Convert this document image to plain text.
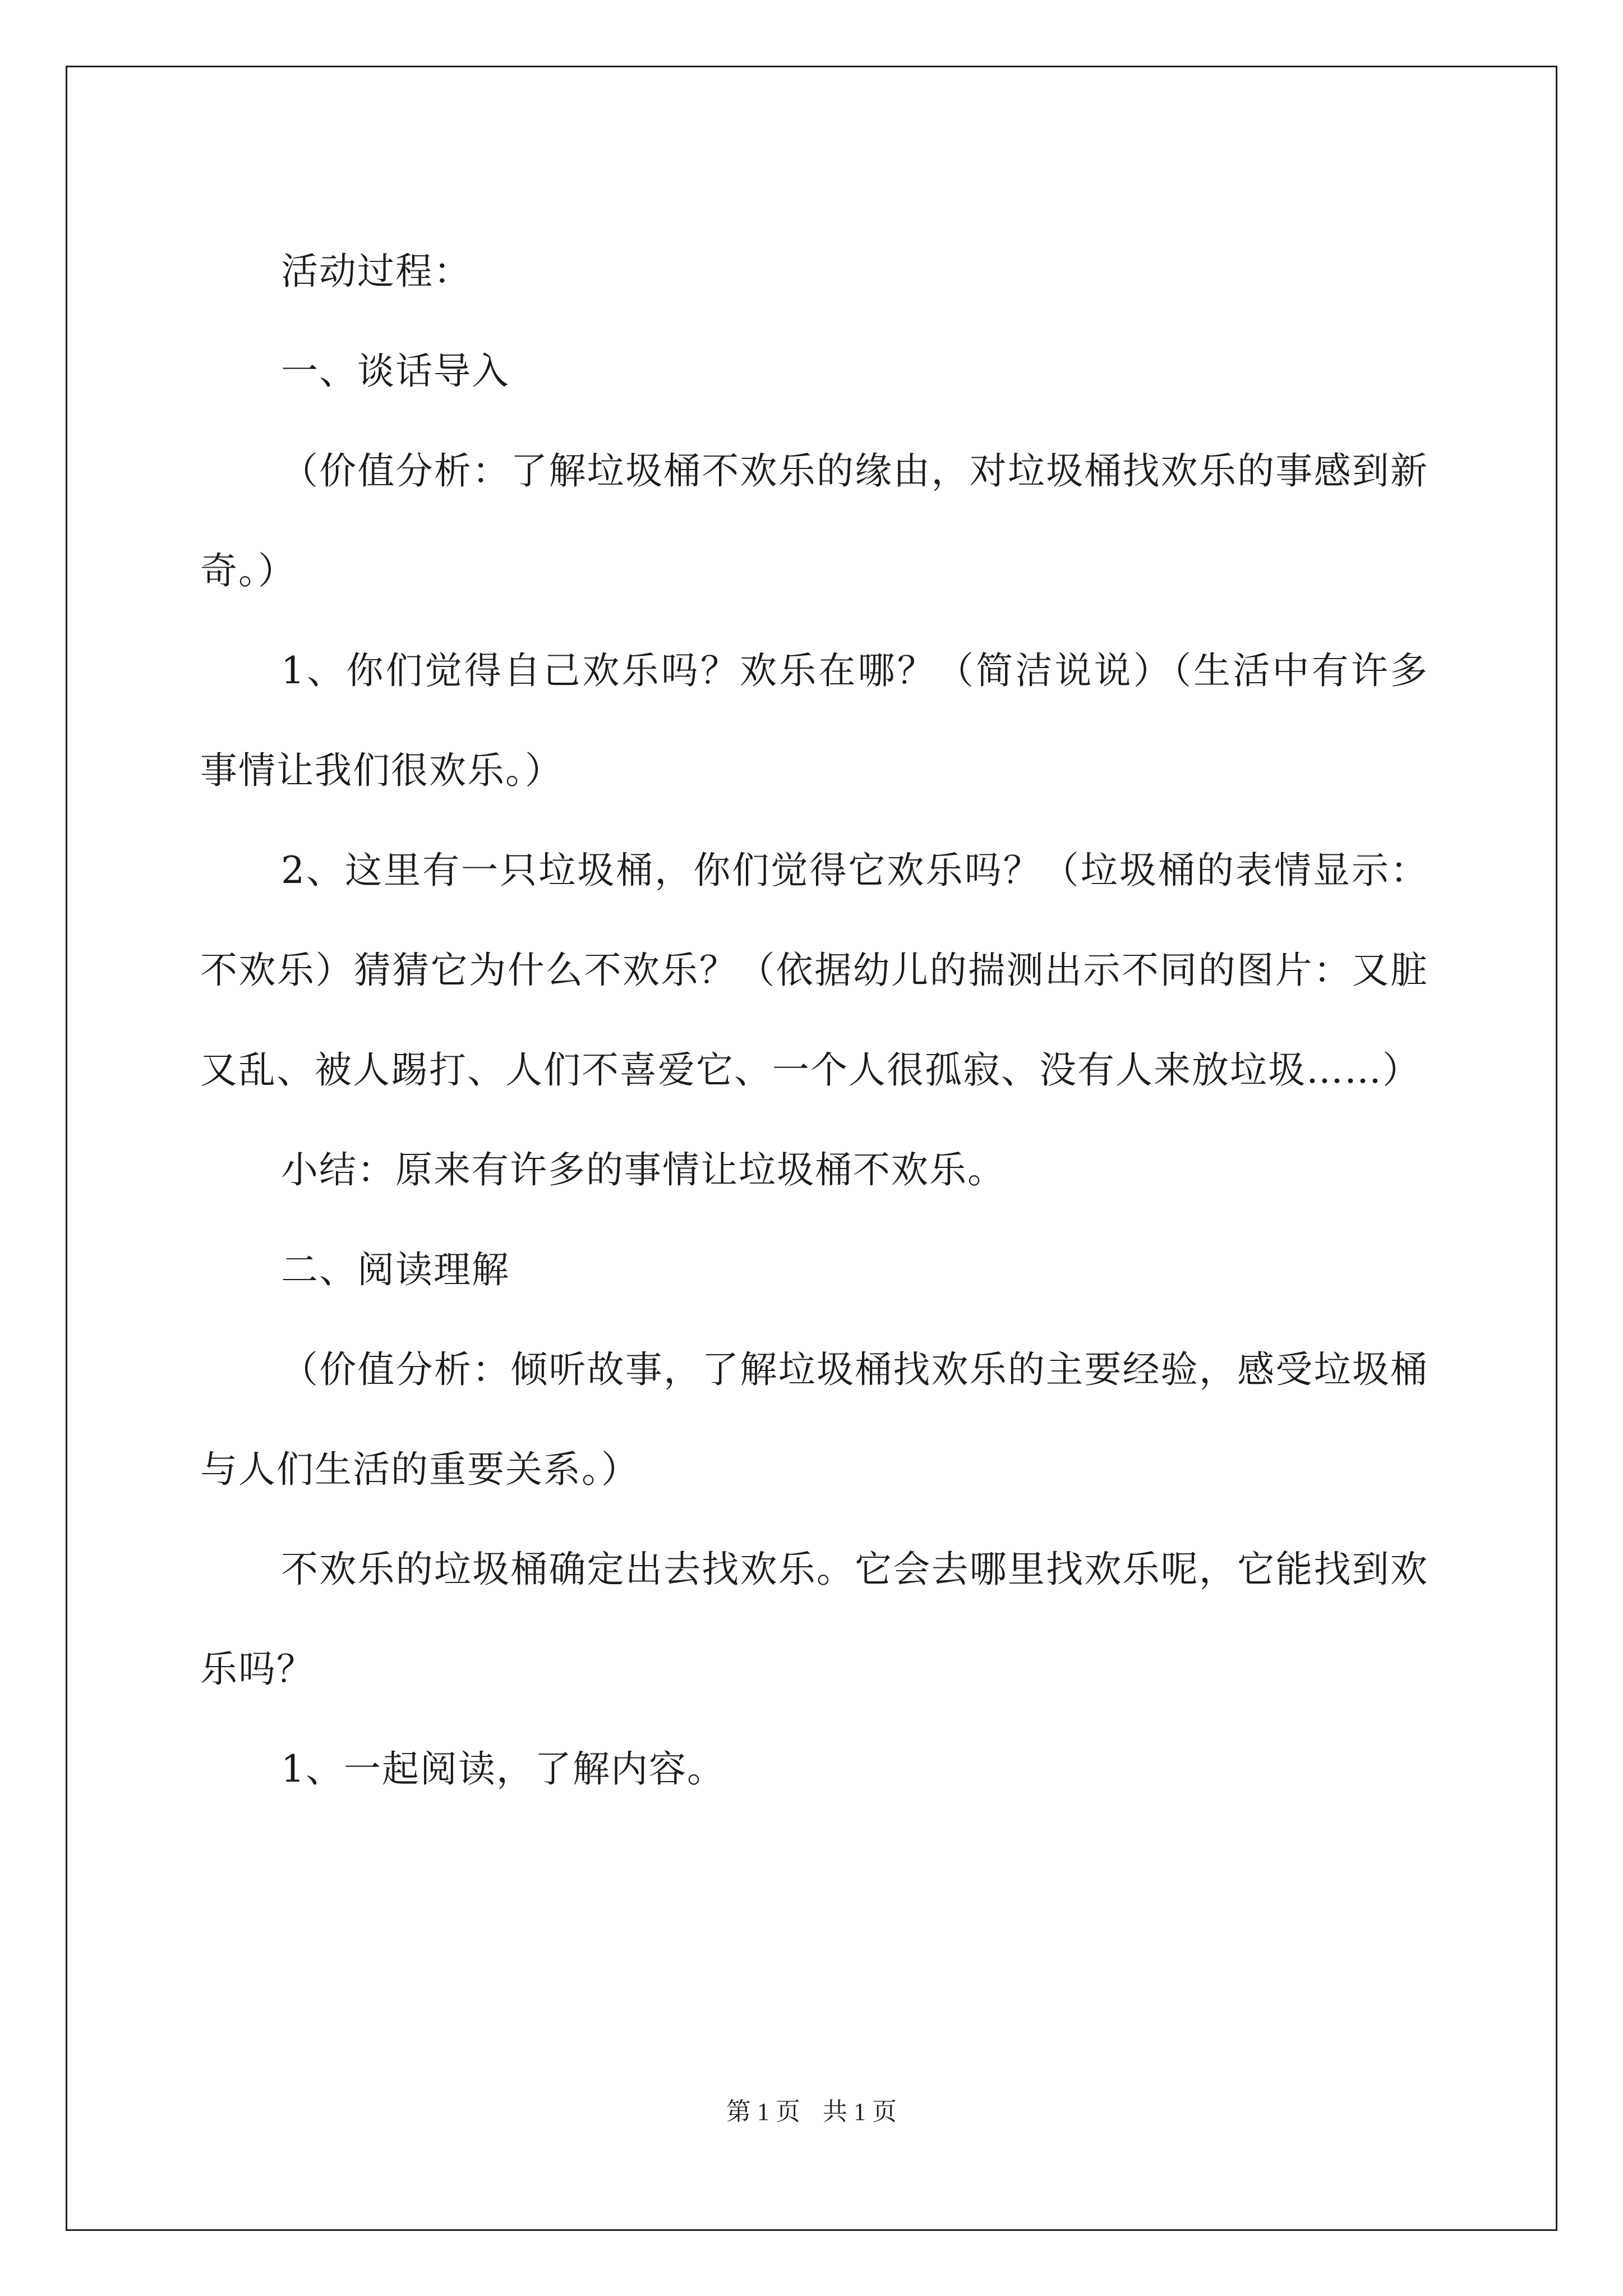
活动过程：

一、谈话导入

（价值分析：了解垃圾桶不欢乐的缘由，对垃圾桶找欢乐的事感到新奇。）

1、你们觉得自己欢乐吗？欢乐在哪？（简洁说说）（生活中有许多事情让我们很欢乐。）

2、这里有一只垃圾桶，你们觉得它欢乐吗？（垃圾桶的表情显示：不欢乐）猜猜它为什么不欢乐？（依据幼儿的揣测出示不同的图片：又脏又乱、被人踢打、人们不喜爱它、一个人很孤寂、没有人来放垃圾……）

小结：原来有许多的事情让垃圾桶不欢乐。

二、阅读理解

（价值分析：倾听故事，了解垃圾桶找欢乐的主要经验，感受垃圾桶与人们生活的重要关系。）

不欢乐的垃圾桶确定出去找欢乐。它会去哪里找欢乐呢，它能找到欢乐吗？

1、一起阅读，了解内容。

第 1 页 共 1 页
